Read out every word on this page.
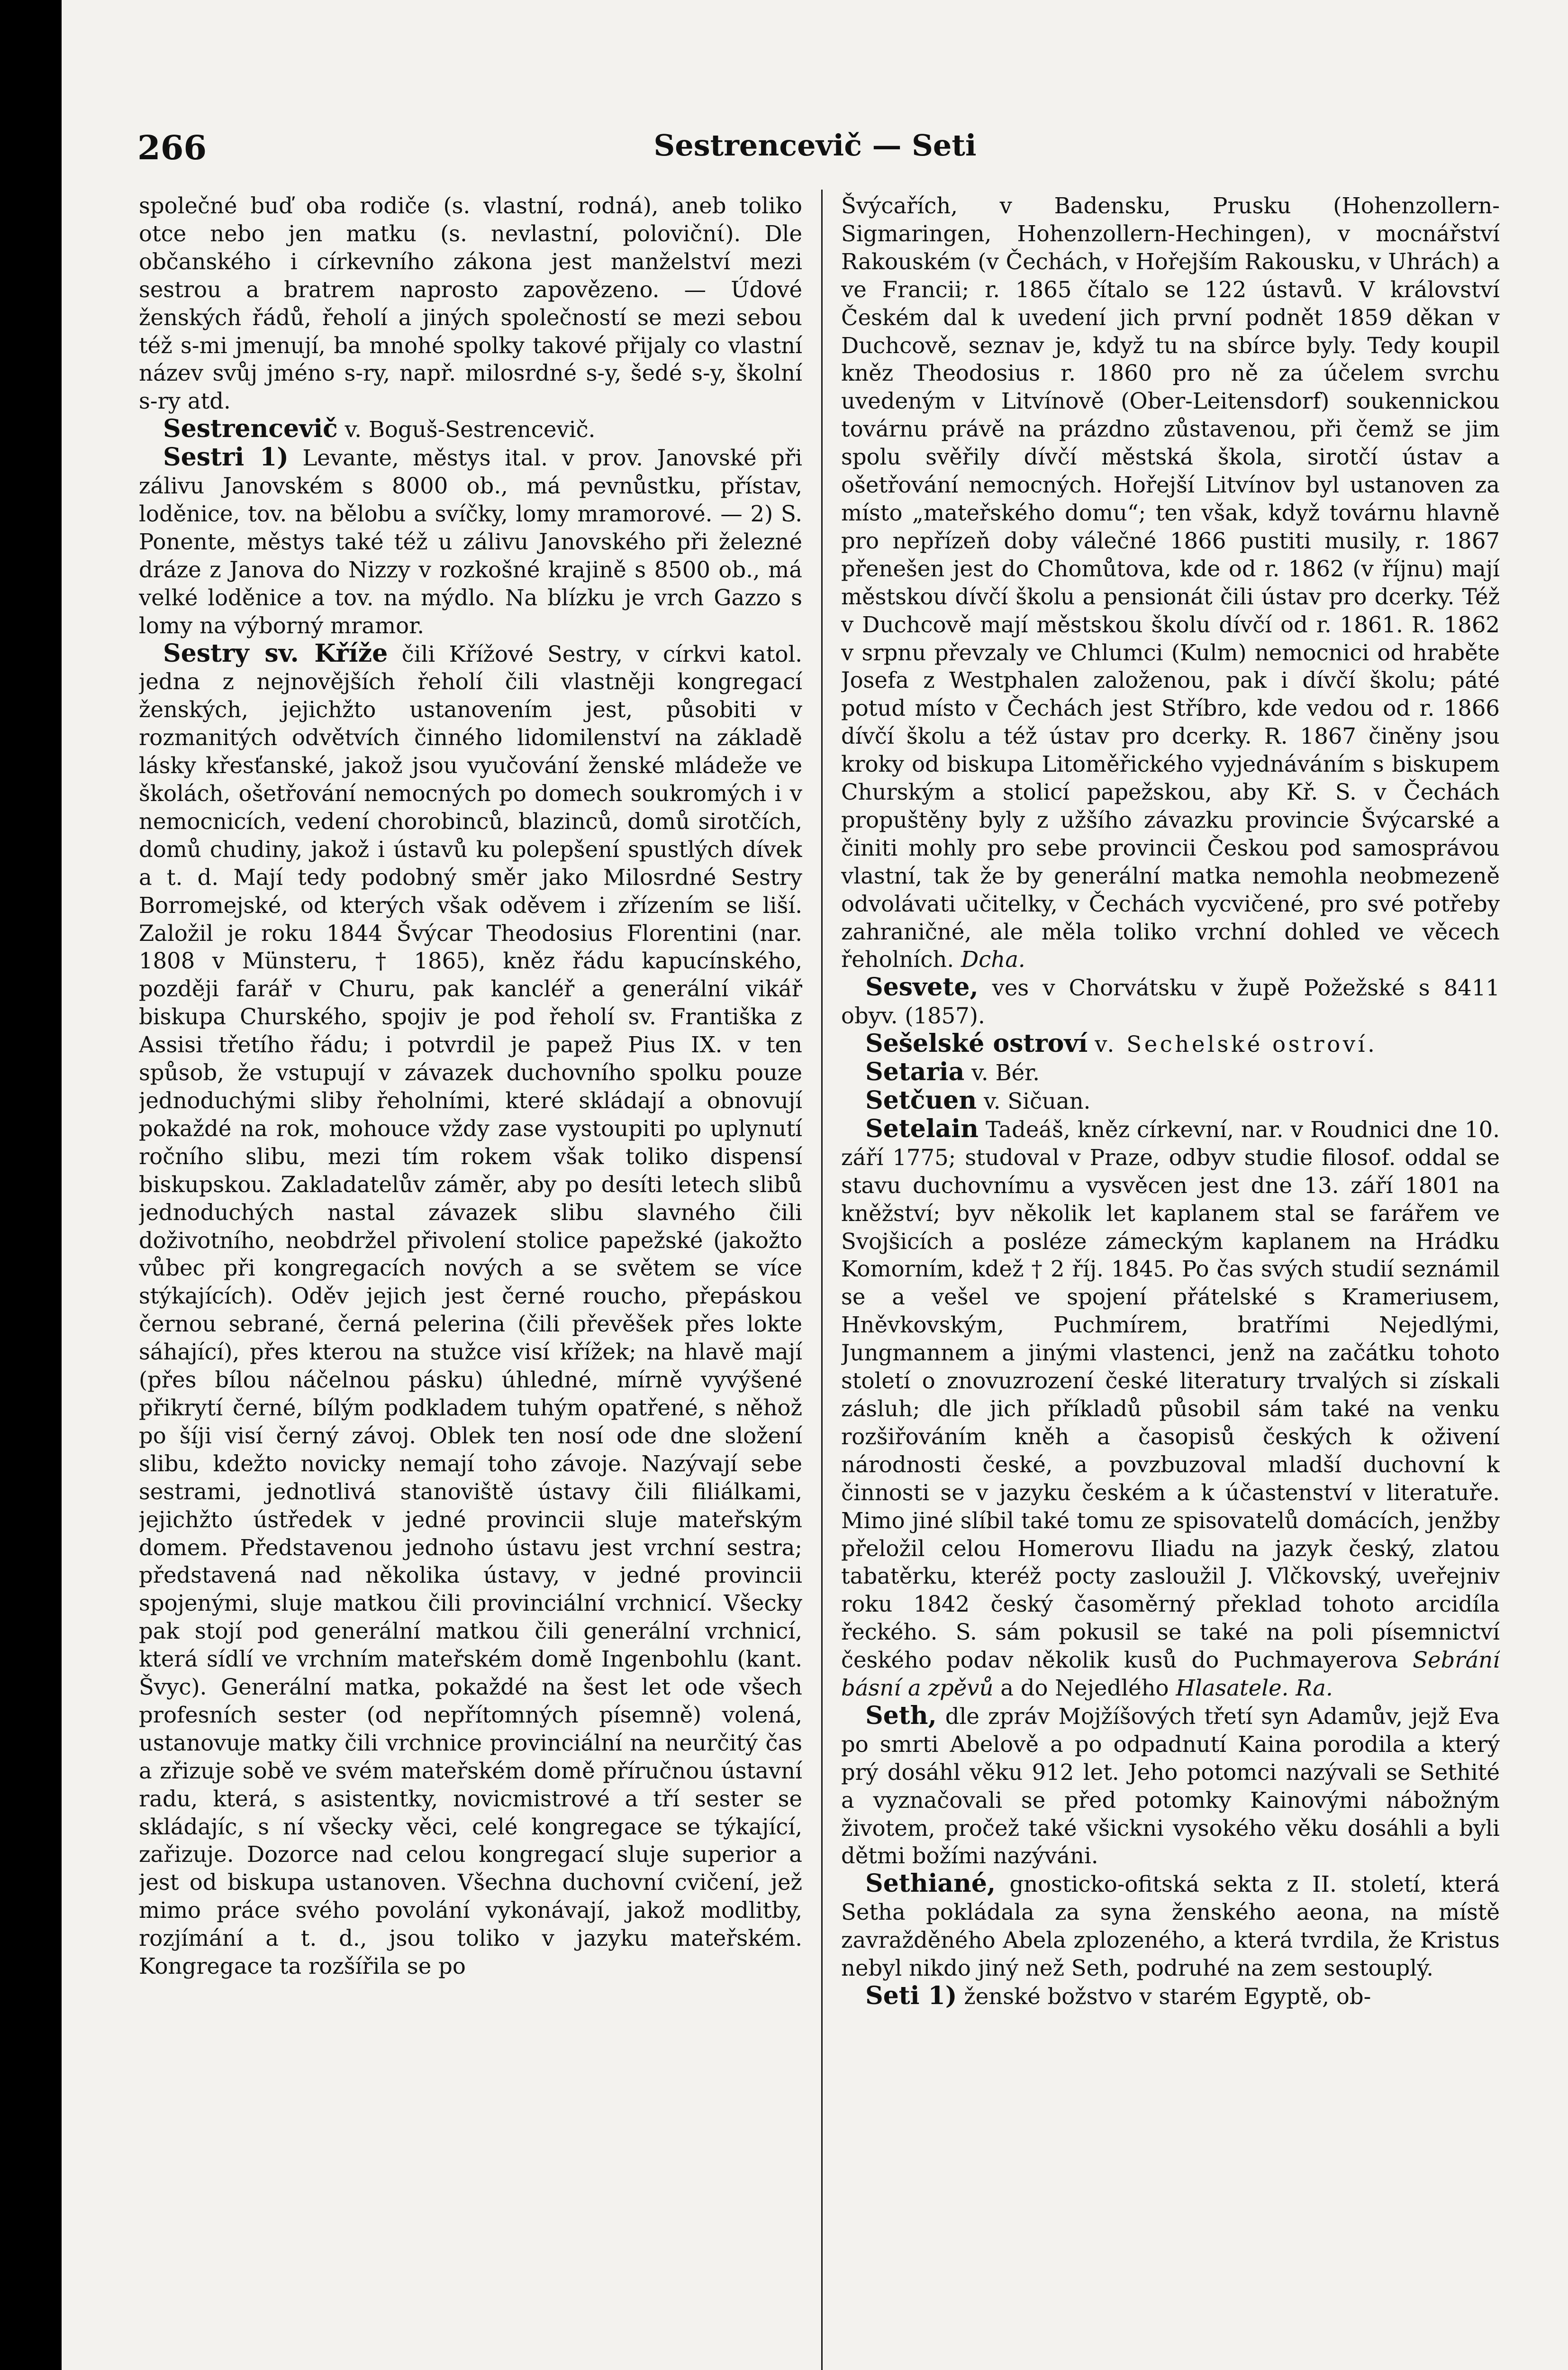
266	Sestrencevič — Seti

společné buď oba rodiče (s. vlastní, rodná), aneb toliko otce nebo jen matku (s. nevlastní, polovičnί). Dle občanského i církevního zákona jest manželství mezi sestrou a bratrem naprosto zapovězeno. — Údové ženských řádů, řeholí a jiných společností se mezi sebou též s-mi jmenují, ba mnohé spolky takové přijaly co vlastní název svůj jméno s-ry, např. milosrdné s-y, šedé s-y, školní s-ry atd.

Sestrencevič v. Boguš-Sestrencevič.

Sestri 1) Levante, městys ital. v prov. Janovské při zálivu Janovském s 8000 ob., má pevnůstku, přístav, loděnice, tov. na bělobu a svíčky, lomy mramorové. — 2) S. Ponente, městys také též u zálivu Janovského při železné dráze z Janova do Nizzy v rozkošné krajině s 8500 ob., má velké loděnice a tov. na mýdlo. Na blízku je vrch Gazzo s lomy na výborný mramor.

Sestry sv. Kříže čili Křížové Sestry, v církvi katol. jedna z nejnovějších řeholí čili vlastněji kongregací ženských, jejichžto ustanovením jest, působiti v rozmanitých odvětvích činného lidomilenství na základě lásky křesťanské, jakož jsou vyučování ženské mládeže ve školách, ošetřování nemocných po domech soukromých i v nemocnicích, vedení chorobinců, blazinců, domů sirotčích, domů chudiny, jakož i ústavů ku polepšení spustlých dívek a t. d. Mají tedy podobný směr jako Milosrdné Sestry Borromejské, od kterých však oděvem i zřízením se liší. Založil je roku 1844 Švýcar Theodosius Florentini (nar. 1808 v Münsteru, † 1865), kněz řádu kapucínského, později farář v Churu, pak kancléř a generální vikář biskupa Churského, spojiv je pod řeholí sv. Františka z Assisi třetího řádu; i potvrdil je papež Pius IX. v ten spůsob, že vstupují v závazek duchovního spolku pouze jednoduchými sliby řeholními, které skládají a obnovují pokaždé na rok, mohouce vždy zase vystoupiti po uplynutí ročního slibu, mezi tím rokem však toliko dispensí biskupskou. Zakladatelův záměr, aby po desíti letech slibů jednoduchých nastal závazek slibu slavného čili doživotního, neobdržel přivolení stolice papežské (jakožto vůbec při kongregacích nových a se světem se více stýkajících). Oděv jejich jest černé roucho, přepáskou černou sebrané, černá pelerina (čili převěšek přes lokte sáhající), přes kterou na stužce visí křížek; na hlavě mají (přes bílou náčelnou pásku) úhledné, mírně vyvýšené přikrytí černé, bílým podkladem tuhým opatřené, s něhož po šíji visí černý závoj. Oblek ten nosí ode dne složení slibu, kdežto novicky nemají toho závoje. Nazývají sebe sestrami, jednotlivá stanoviště ústavy čili filiálkami, jejichžto ústředek v jedné provincii sluje mateřským domem. Představenou jednoho ústavu jest vrchní sestra; představená nad několika ústavy, v jedné provincii spojenými, sluje matkou čili provinciální vrchnicí. Všecky pak stojí pod generální matkou čili generální vrchnicí, která sídlí ve vrchním mateřském domě Ingenbohlu (kant. Švyc). Generální matka, pokaždé na šest let ode všech profesních sester (od nepřítomných písemně) volená, ustanovuje matky čili vrchnice provinciální na neurčitý čas a zřizuje sobě ve svém mateřském domě příručnou ústavní radu, která, s asistentky, novicmistrové a tří sester se skládajíc, s ní všecky věci, celé kongregace se týkající, zařizuje. Dozorce nad celou kongregací sluje superior a jest od biskupa ustanoven. Všechna duchovní cvičení, jež mimo práce svého povolání vykonávají, jakož modlitby, rozjímání a t. d., jsou toliko v jazyku mateřském. Kongregace ta rozšířila se po

Švýcařích, v Badensku, Prusku (Hohenzollern-Sigmaringen, Hohenzollern-Hechingen), v mocnářství Rakouském (v Čechách, v Hořejším Rakousku, v Uhrách) a ve Francii; r. 1865 čítalo se 122 ústavů. V království Českém dal k uvedení jich první podnět 1859 děkan v Duchcově, seznav je, když tu na sbírce byly. Tedy koupil kněz Theodosius r. 1860 pro ně za účelem svrchu uvedeným v Litvínově (Ober-Leitensdorf) soukennickou továrnu právě na prázdno zůstavenou, při čemž se jim spolu svěřily dívčí městská škola, sirotčí ústav a ošetřování nemocných. Hořejší Litvínov byl ustanoven za místo „mateřského domu“; ten však, když továrnu hlavně pro nepřízeň doby válečné 1866 pustiti musily, r. 1867 přenešen jest do Chomůtova, kde od r. 1862 (v říjnu) mají městskou dívčí školu a pensionát čili ústav pro dcerky. Též v Duchcově mají městskou školu dívčí od r. 1861. R. 1862 v srpnu převzaly ve Chlumci (Kulm) nemocnici od hraběte Josefa z Westphalen založenou, pak i dívčí školu; páté potud místo v Čechách jest Stříbro, kde vedou od r. 1866 dívčí školu a též ústav pro dcerky. R. 1867 činěny jsou kroky od biskupa Litoměřického vyjednáváním s biskupem Churským a stolicí papežskou, aby Kř. S. v Čechách propuštěny byly z užšího závazku provincie Švýcarské a činiti mohly pro sebe provincii Českou pod samosprávou vlastní, tak že by generální matka nemohla neobmezeně odvolávati učitelky, v Čechách vycvičené, pro své potřeby zahraničné, ale měla toliko vrchní dohled ve věcech řeholních. Dcha.

Sesvete, ves v Chorvátsku v župě Požežské s 8411 obyv. (1857).

Sešelské ostroví v. Sechelské ostroví.

Setaria v. Bér.

Setčuen v. Sičuan.

Setelain Tadeáš, kněz církevní, nar. v Roudnici dne 10. září 1775; studoval v Praze, odbyv studie filosof. oddal se stavu duchovnímu a vysvěcen jest dne 13. září 1801 na kněžství; byv několik let kaplanem stal se farářem ve Svojšicích a posléze zámeckým kaplanem na Hrádku Komorním, kdež † 2 říj. 1845. Po čas svých studií seznámil se a vešel ve spojení přátelské s Krameriusem, Hněvkovským, Puchmírem, bratřími Nejedlými, Jungmannem a jinými vlastenci, jenž na začátku tohoto století o znovuzrození české literatury trvalých si získali zásluh; dle jich příkladů působil sám také na venku rozšiřováním kněh a časopisů českých k oživení národnosti české, a povzbuzoval mladší duchovní k činnosti se v jazyku českém a k účastenství v literatuře. Mimo jiné slíbil také tomu ze spisovatelů domácích, jenžby přeložil celou Homerovu Iliadu na jazyk český, zlatou tabatěrku, kteréž pocty zasloužil J. Vlčkovský, uveřejniv roku 1842 český časoměrný překlad tohoto arcidíla řeckého. S. sám pokusil se také na poli písemnictví českého podav několik kusů do Puchmayerova Sebrání básní a zpěvů a do Nejedlého Hlasatele. Ra.

Seth, dle zpráv Mojžíšových třetí syn Adamův, jejž Eva po smrti Abelově a po odpadnutí Kaina porodila a který prý dosáhl věku 912 let. Jeho potomci nazývali se Sethité a vyznačovali se před potomky Kainovými nábožným životem, pročež také všickni vysokého věku dosáhli a byli dětmi božími nazýváni.

Sethiané, gnosticko-ofitská sekta z II. století, která Setha pokládala za syna ženského aeona, na místě zavražděného Abela zplozeného, a která tvrdila, že Kristus nebyl nikdo jiný než Seth, podruhé na zem sestouplý.

Seti 1) ženské božstvo v starém Egyptě, ob-
